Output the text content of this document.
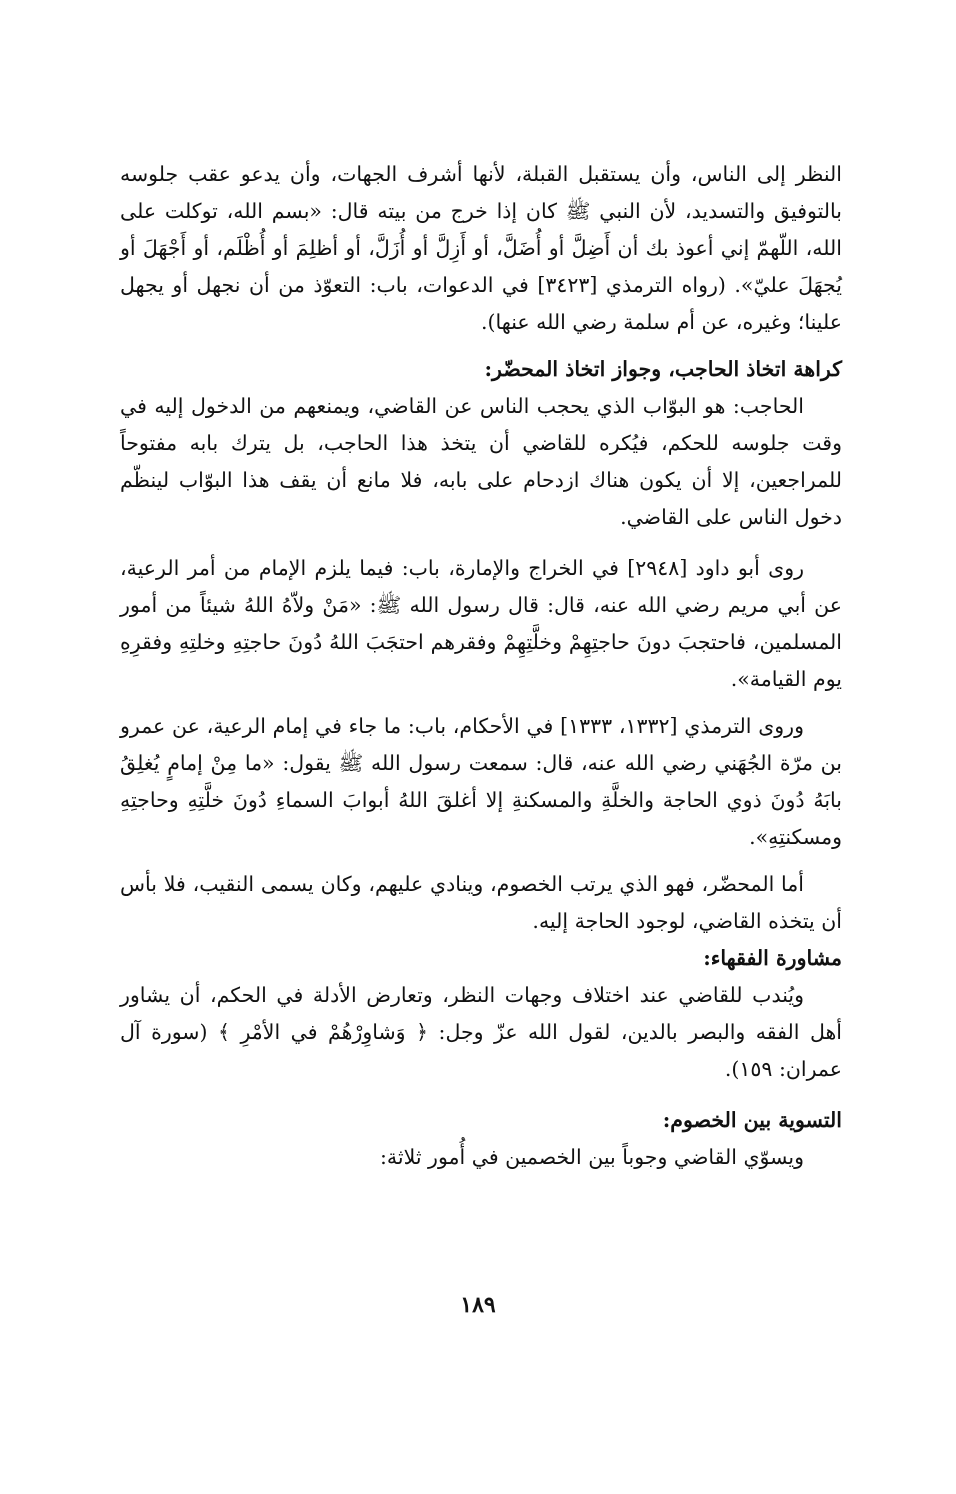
النظر إلى الناس، وأن يستقبل القبلة، لأنها أشرف الجهات، وأن يدعو عقب جلوسه بالتوفيق والتسديد، لأن النبي ﷺ كان إذا خرج من بيته قال: «بسم الله، توكلت على الله، اللّهمّ إني أعوذ بك أن أَضِلَّ أو أُضَلَّ، أو أَزِلَّ أو أُزَلَّ، أو أظلِمَ أو أُظْلَم، أو أَجْهَلَ أو يُجهَلَ عليّ». (رواه الترمذي [٣٤٢٣] في الدعوات، باب: التعوّذ من أن نجهل أو يجهل علينا؛ وغيره، عن أم سلمة رضي الله عنها).

كراهة اتخاذ الحاجب، وجواز اتخاذ المحضّر:

الحاجب: هو البوّاب الذي يحجب الناس عن القاضي، ويمنعهم من الدخول إليه في وقت جلوسه للحكم، فيُكره للقاضي أن يتخذ هذا الحاجب، بل يترك بابه مفتوحاً للمراجعين، إلا أن يكون هناك ازدحام على بابه، فلا مانع أن يقف هذا البوّاب لينظّم دخول الناس على القاضي.

روى أبو داود [٢٩٤٨] في الخراج والإمارة، باب: فيما يلزم الإمام من أمر الرعية، عن أبي مريم رضي الله عنه، قال: قال رسول الله ﷺ: «مَنْ ولاّهُ اللهُ شيئاً من أمور المسلمين، فاحتجبَ دونَ حاجتِهِمْ وخلَّتِهِمْ وفقرهم احتجَبَ اللهُ دُونَ حاجتِهِ وخلتِهِ وفقرِهِ يوم القيامة».

وروى الترمذي [١٣٣٢، ١٣٣٣] في الأحكام، باب: ما جاء في إمام الرعية، عن عمرو بن مرّة الجُهَني رضي الله عنه، قال: سمعت رسول الله ﷺ يقول: «ما مِنْ إمامٍ يُغلِقُ بابَهُ دُونَ ذوي الحاجة والخلَّةِ والمسكنةِ إلا أغلقَ اللهُ أبوابَ السماءِ دُونَ خلَّتِهِ وحاجتِهِ ومسكنتِهِ».

أما المحضّر، فهو الذي يرتب الخصوم، وينادي عليهم، وكان يسمى النقيب، فلا بأس أن يتخذه القاضي، لوجود الحاجة إليه.

مشاورة الفقهاء:

ويُندب للقاضي عند اختلاف وجهات النظر، وتعارض الأدلة في الحكم، أن يشاور أهل الفقه والبصر بالدين، لقول الله عزّ وجل: ﴿ وَشاوِرْهُمْ في الأمْرِ ﴾ (سورة آل عمران: ١٥٩).

التسوية بين الخصوم:

ويسوّي القاضي وجوباً بين الخصمين في أُمور ثلاثة:

١٨٩
